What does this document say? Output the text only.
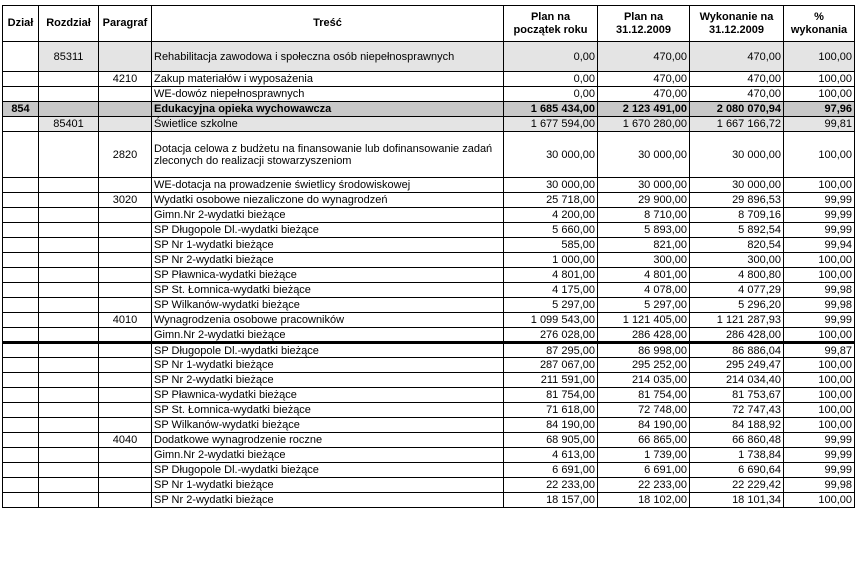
Dział	Rozdział	Paragraf	Treść	Plan na początek roku	Plan na 31.12.2009	Wykonanie na 31.12.2009	% wykonania
	85311		Rehabilitacja zawodowa i społeczna osób niepełnosprawnych	0,00	470,00	470,00	100,00
		4210	Zakup materiałów i wyposażenia	0,00	470,00	470,00	100,00
			WE-dowóz niepełnosprawnych	0,00	470,00	470,00	100,00
854			Edukacyjna opieka wychowawcza	1 685 434,00	2 123 491,00	2 080 070,94	97,96
	85401		Świetlice szkolne	1 677 594,00	1 670 280,00	1 667 166,72	99,81
		2820	Dotacja celowa z budżetu na finansowanie lub dofinansowanie zadań zleconych do realizacji stowarzyszeniom	30 000,00	30 000,00	30 000,00	100,00
			WE-dotacja na prowadzenie świetlicy środowiskowej	30 000,00	30 000,00	30 000,00	100,00
		3020	Wydatki osobowe niezaliczone do wynagrodzeń	25 718,00	29 900,00	29 896,53	99,99
			Gimn.Nr 2-wydatki bieżące	4 200,00	8 710,00	8 709,16	99,99
			SP Długopole Dl.-wydatki bieżące	5 660,00	5 893,00	5 892,54	99,99
			SP Nr 1-wydatki bieżące	585,00	821,00	820,54	99,94
			SP Nr 2-wydatki bieżące	1 000,00	300,00	300,00	100,00
			SP Pławnica-wydatki bieżące	4 801,00	4 801,00	4 800,80	100,00
			SP St. Łomnica-wydatki bieżące	4 175,00	4 078,00	4 077,29	99,98
			SP Wilkanów-wydatki bieżące	5 297,00	5 297,00	5 296,20	99,98
		4010	Wynagrodzenia osobowe pracowników	1 099 543,00	1 121 405,00	1 121 287,93	99,99
			Gimn.Nr 2-wydatki bieżące	276 028,00	286 428,00	286 428,00	100,00
			SP Długopole Dl.-wydatki bieżące	87 295,00	86 998,00	86 886,04	99,87
			SP Nr 1-wydatki bieżące	287 067,00	295 252,00	295 249,47	100,00
			SP Nr 2-wydatki bieżące	211 591,00	214 035,00	214 034,40	100,00
			SP Pławnica-wydatki bieżące	81 754,00	81 754,00	81 753,67	100,00
			SP St. Łomnica-wydatki bieżące	71 618,00	72 748,00	72 747,43	100,00
			SP Wilkanów-wydatki bieżące	84 190,00	84 190,00	84 188,92	100,00
		4040	Dodatkowe wynagrodzenie roczne	68 905,00	66 865,00	66 860,48	99,99
			Gimn.Nr 2-wydatki bieżące	4 613,00	1 739,00	1 738,84	99,99
			SP Długopole Dl.-wydatki bieżące	6 691,00	6 691,00	6 690,64	99,99
			SP Nr 1-wydatki bieżące	22 233,00	22 233,00	22 229,42	99,98
			SP Nr 2-wydatki bieżące	18 157,00	18 102,00	18 101,34	100,00
